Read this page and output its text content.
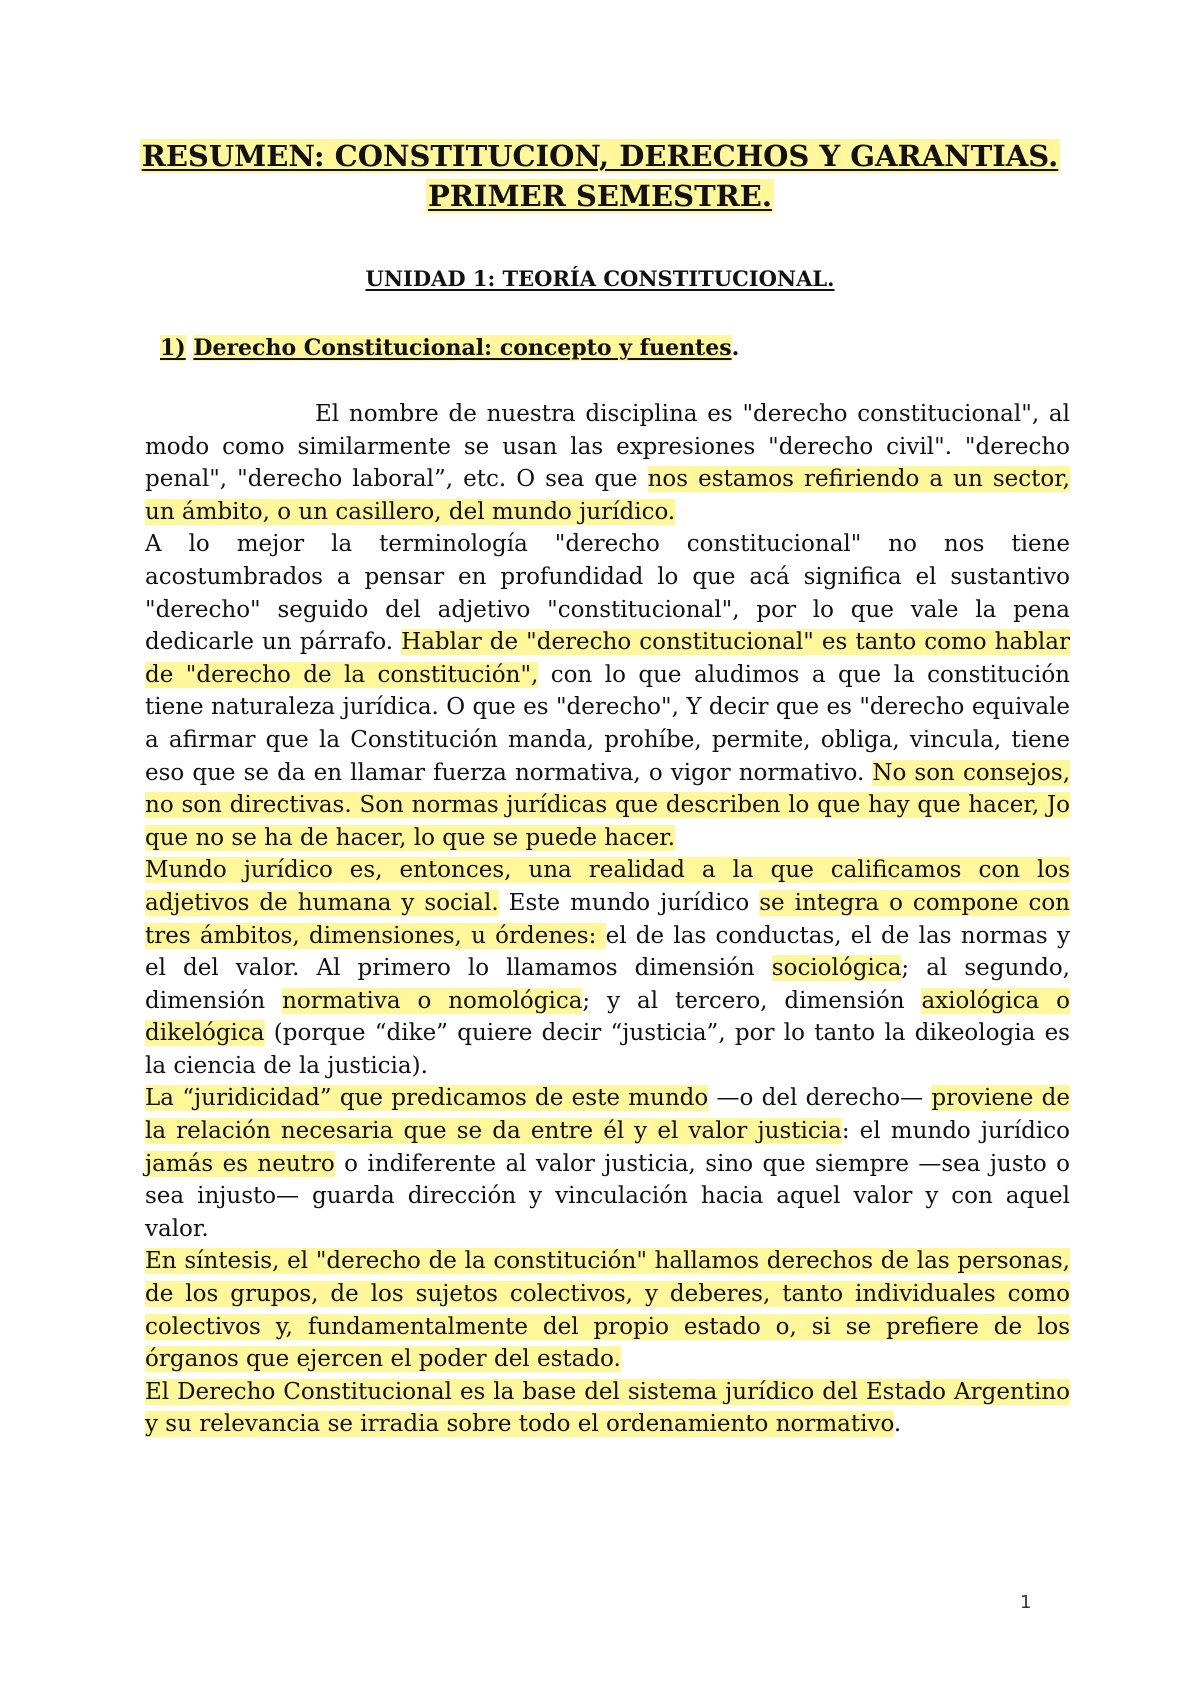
RESUMEN: CONSTITUCION, DERECHOS Y GARANTIAS.
PRIMER SEMESTRE.
UNIDAD 1: TEORÍA CONSTITUCIONAL.
1) Derecho Constitucional: concepto y fuentes.

El nombre de nuestra disciplina es "derecho constitucional", al modo como similarmente se usan las expresiones "derecho civil". "derecho penal", "derecho laboral”, etc. O sea que nos estamos refiriendo a un sector, un ámbito, o un casillero, del mundo jurídico.

A lo mejor la terminología "derecho constitucional" no nos tiene acostumbrados a pensar en profundidad lo que acá significa el sustantivo "derecho" seguido del adjetivo "constitucional", por lo que vale la pena dedicarle un párrafo. Hablar de "derecho constitucional" es tanto como hablar de "derecho de la constitución", con lo que aludimos a que la constitución tiene naturaleza jurídica. O que es "derecho", Y decir que es "derecho equivale a afirmar que la Constitución manda, prohíbe, permite, obliga, vincula, tiene eso que se da en llamar fuerza normativa, o vigor normativo. No son consejos, no son directivas. Son normas jurídicas que describen lo que hay que hacer, Jo que no se ha de hacer, lo que se puede hacer.

Mundo jurídico es, entonces, una realidad a la que calificamos con los adjetivos de humana y social. Este mundo jurídico se integra o compone con tres ámbitos, dimensiones, u órdenes: el de las conductas, el de las normas y el del valor. Al primero lo llamamos dimensión sociológica; al segundo, dimensión normativa o nomológica; y al tercero, dimensión axiológica o dikelógica (porque “dike” quiere decir “justicia”, por lo tanto la dikeologia es la ciencia de la justicia).

La “juridicidad” que predicamos de este mundo —o del derecho— proviene de la relación necesaria que se da entre él y el valor justicia: el mundo jurídico jamás es neutro o indiferente al valor justicia, sino que siempre —sea justo o sea injusto— guarda dirección y vinculación hacia aquel valor y con aquel valor.

En síntesis, el "derecho de la constitución" hallamos derechos de las personas, de los grupos, de los sujetos colectivos, y deberes, tanto individuales como colectivos y, fundamentalmente del propio estado o, si se prefiere de los órganos que ejercen el poder del estado.

El Derecho Constitucional es la base del sistema jurídico del Estado Argentino y su relevancia se irradia sobre todo el ordenamiento normativo.

1
